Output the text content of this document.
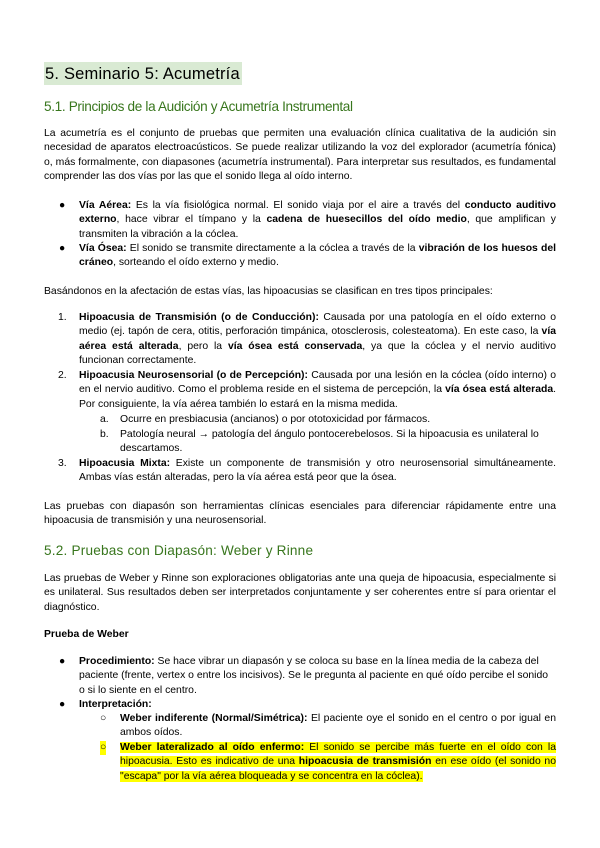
5. Seminario 5: Acumetría
5.1. Principios de la Audición y Acumetría Instrumental
La acumetría es el conjunto de pruebas que permiten una evaluación clínica cualitativa de la audición sin necesidad de aparatos electroacústicos. Se puede realizar utilizando la voz del explorador (acumetría fónica) o, más formalmente, con diapasones (acumetría instrumental). Para interpretar sus resultados, es fundamental comprender las dos vías por las que el sonido llega al oído interno.
● Vía Aérea: Es la vía fisiológica normal. El sonido viaja por el aire a través del conducto auditivo externo, hace vibrar el tímpano y la cadena de huesecillos del oído medio, que amplifican y transmiten la vibración a la cóclea.
● Vía Ósea: El sonido se transmite directamente a la cóclea a través de la vibración de los huesos del cráneo, sorteando el oído externo y medio.
Basándonos en la afectación de estas vías, las hipoacusias se clasifican en tres tipos principales:
1. Hipoacusia de Transmisión (o de Conducción): Causada por una patología en el oído externo o medio (ej. tapón de cera, otitis, perforación timpánica, otosclerosis, colesteatoma). En este caso, la vía aérea está alterada, pero la vía ósea está conservada, ya que la cóclea y el nervio auditivo funcionan correctamente.
2. Hipoacusia Neurosensorial (o de Percepción): Causada por una lesión en la cóclea (oído interno) o en el nervio auditivo. Como el problema reside en el sistema de percepción, la vía ósea está alterada. Por consiguiente, la vía aérea también lo estará en la misma medida.
a. Ocurre en presbiacusia (ancianos) o por ototoxicidad por fármacos.
b. Patología neural → patología del ángulo pontocerebelosos. Si la hipoacusia es unilateral lo descartamos.
3. Hipoacusia Mixta: Existe un componente de transmisión y otro neurosensorial simultáneamente. Ambas vías están alteradas, pero la vía aérea está peor que la ósea.
Las pruebas con diapasón son herramientas clínicas esenciales para diferenciar rápidamente entre una hipoacusia de transmisión y una neurosensorial.
5.2. Pruebas con Diapasón: Weber y Rinne
Las pruebas de Weber y Rinne son exploraciones obligatorias ante una queja de hipoacusia, especialmente si es unilateral. Sus resultados deben ser interpretados conjuntamente y ser coherentes entre sí para orientar el diagnóstico.
Prueba de Weber
● Procedimiento: Se hace vibrar un diapasón y se coloca su base en la línea media de la cabeza del paciente (frente, vertex o entre los incisivos). Se le pregunta al paciente en qué oído percibe el sonido o si lo siente en el centro.
● Interpretación:
○ Weber indiferente (Normal/Simétrica): El paciente oye el sonido en el centro o por igual en ambos oídos.
○ Weber lateralizado al oído enfermo: El sonido se percibe más fuerte en el oído con la hipoacusia. Esto es indicativo de una hipoacusia de transmisión en ese oído (el sonido no "escapa" por la vía aérea bloqueada y se concentra en la cóclea).
